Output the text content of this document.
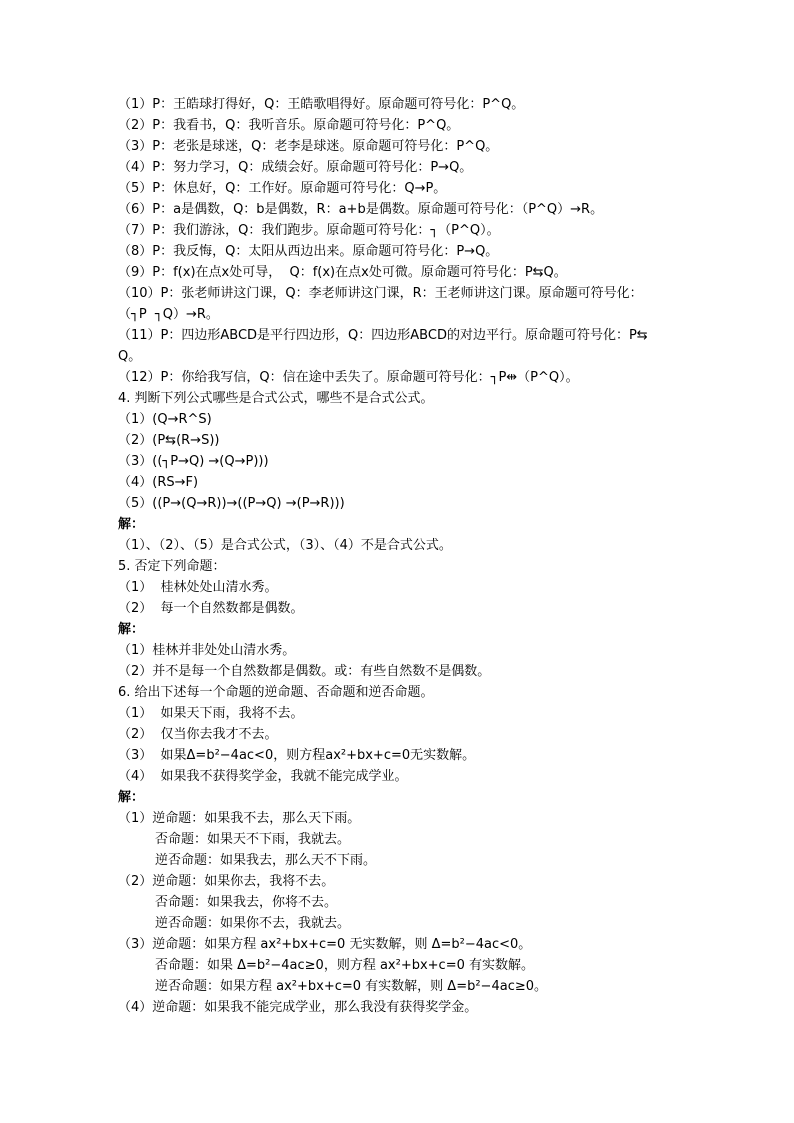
（1）P：王皓球打得好，Q：王皓歌唱得好。原命题可符号化：P^Q。
（2）P：我看书，Q：我听音乐。原命题可符号化：P^Q。
（3）P：老张是球迷，Q：老李是球迷。原命题可符号化：P^Q。
（4）P：努力学习，Q：成绩会好。原命题可符号化：P→Q。
（5）P：休息好，Q：工作好。原命题可符号化：Q→P。
（6）P：a是偶数，Q：b是偶数，R：a+b是偶数。原命题可符号化：（P^Q）→R。
（7）P：我们游泳，Q：我们跑步。原命题可符号化：┐（P^Q）。
（8）P：我反悔，Q：太阳从西边出来。原命题可符号化：P→Q。
（9）P：f(x)在点x处可导，  Q：f(x)在点x处可微。原命题可符号化：P⇆Q。
（10）P：张老师讲这门课，Q：李老师讲这门课，R：王老师讲这门课。原命题可符号化：
（┐P  ┐Q）→R。
（11）P：四边形ABCD是平行四边形，Q：四边形ABCD的对边平行。原命题可符号化：P⇆
Q。
（12）P：你给我写信，Q：信在途中丢失了。原命题可符号化：┐P⇹（P^Q）。
4. 判断下列公式哪些是合式公式，哪些不是合式公式。
（1）(Q→R^S)
（2）(P⇆(R→S))
（3）((┐P→Q) →(Q→P)))
（4）(RS→F)
（5）((P→(Q→R))→((P→Q) →(P→R)))
解：
（1）、（2）、（5）是合式公式，（3）、（4）不是合式公式。
5. 否定下列命题：
（1）  桂林处处山清水秀。
（2）  每一个自然数都是偶数。
解：
（1）桂林并非处处山清水秀。
（2）并不是每一个自然数都是偶数。或：有些自然数不是偶数。
6. 给出下述每一个命题的逆命题、否命题和逆否命题。
（1）  如果天下雨，我将不去。
（2）  仅当你去我才不去。
（3）  如果Δ=b²−4ac<0，则方程ax²+bx+c=0无实数解。
（4）  如果我不获得奖学金，我就不能完成学业。
解：
（1）逆命题：如果我不去，那么天下雨。
否命题：如果天不下雨，我就去。
逆否命题：如果我去，那么天不下雨。
（2）逆命题：如果你去，我将不去。
否命题：如果我去，你将不去。
逆否命题：如果你不去，我就去。
（3）逆命题：如果方程 ax²+bx+c=0 无实数解，则 Δ=b²−4ac<0。
否命题：如果 Δ=b²−4ac≥0，则方程 ax²+bx+c=0 有实数解。
逆否命题：如果方程 ax²+bx+c=0 有实数解，则 Δ=b²−4ac≥0。
（4）逆命题：如果我不能完成学业，那么我没有获得奖学金。
